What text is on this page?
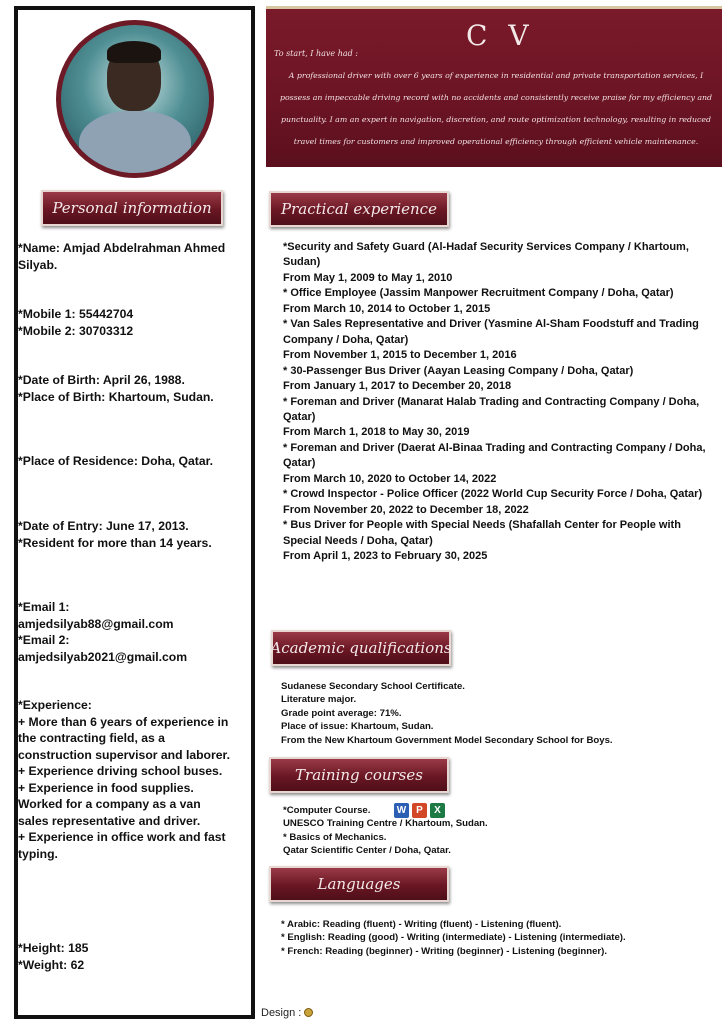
Personal information
*Name: Amjad Abdelrahman Ahmed Silyab.
*Mobile 1: 55442704
*Mobile 2: 30703312
*Date of Birth: April 26, 1988.
*Place of Birth: Khartoum, Sudan.
*Place of Residence: Doha, Qatar.
*Date of Entry: June 17, 2013.
*Resident for more than 14 years.
*Email 1:
amjedsilyab88@gmail.com
*Email 2:
amjedsilyab2021@gmail.com
*Experience:
+ More than 6 years of experience in the contracting field, as a construction supervisor and laborer.
+ Experience driving school buses.
+ Experience in food supplies. Worked for a company as a van sales representative and driver.
+ Experience in office work and fast typing.
*Height: 185
*Weight: 62
C V
To start, I have had :
A professional driver with over 6 years of experience in residential and private transportation services, I possess an impeccable driving record with no accidents and consistently receive praise for my efficiency and punctuality. I am an expert in navigation, discretion, and route optimization technology, resulting in reduced travel times for customers and improved operational efficiency through efficient vehicle maintenance.
Practical experience
*Security and Safety Guard (Al-Hadaf Security Services Company / Khartoum, Sudan)
From May 1, 2009 to May 1, 2010
* Office Employee (Jassim Manpower Recruitment Company / Doha, Qatar)
From March 10, 2014 to October 1, 2015
* Van Sales Representative and Driver (Yasmine Al-Sham Foodstuff and Trading Company / Doha, Qatar)
From November 1, 2015 to December 1, 2016
* 30-Passenger Bus Driver (Aayan Leasing Company / Doha, Qatar)
From January 1, 2017 to December 20, 2018
* Foreman and Driver (Manarat Halab Trading and Contracting Company / Doha, Qatar)
From March 1, 2018 to May 30, 2019
* Foreman and Driver (Daerat Al-Binaa Trading and Contracting Company / Doha, Qatar)
From March 10, 2020 to October 14, 2022
* Crowd Inspector - Police Officer (2022 World Cup Security Force / Doha, Qatar)
From November 20, 2022 to December 18, 2022
* Bus Driver for People with Special Needs (Shafallah Center for People with Special Needs / Doha, Qatar)
From April 1, 2023 to February 30, 2025
Academic qualifications
Sudanese Secondary School Certificate.
Literature major.
Grade point average: 71%.
Place of issue: Khartoum, Sudan.
From the New Khartoum Government Model Secondary School for Boys.
Training courses
*Computer Course.
UNESCO Training Centre / Khartoum, Sudan.
* Basics of Mechanics.
Qatar Scientific Center / Doha, Qatar.
W P	X
Languages
* Arabic: Reading (fluent) - Writing (fluent) - Listening (fluent).
* English: Reading (good) - Writing (intermediate) - Listening (intermediate).
* French: Reading (beginner) - Writing (beginner) - Listening (beginner).
Design :
